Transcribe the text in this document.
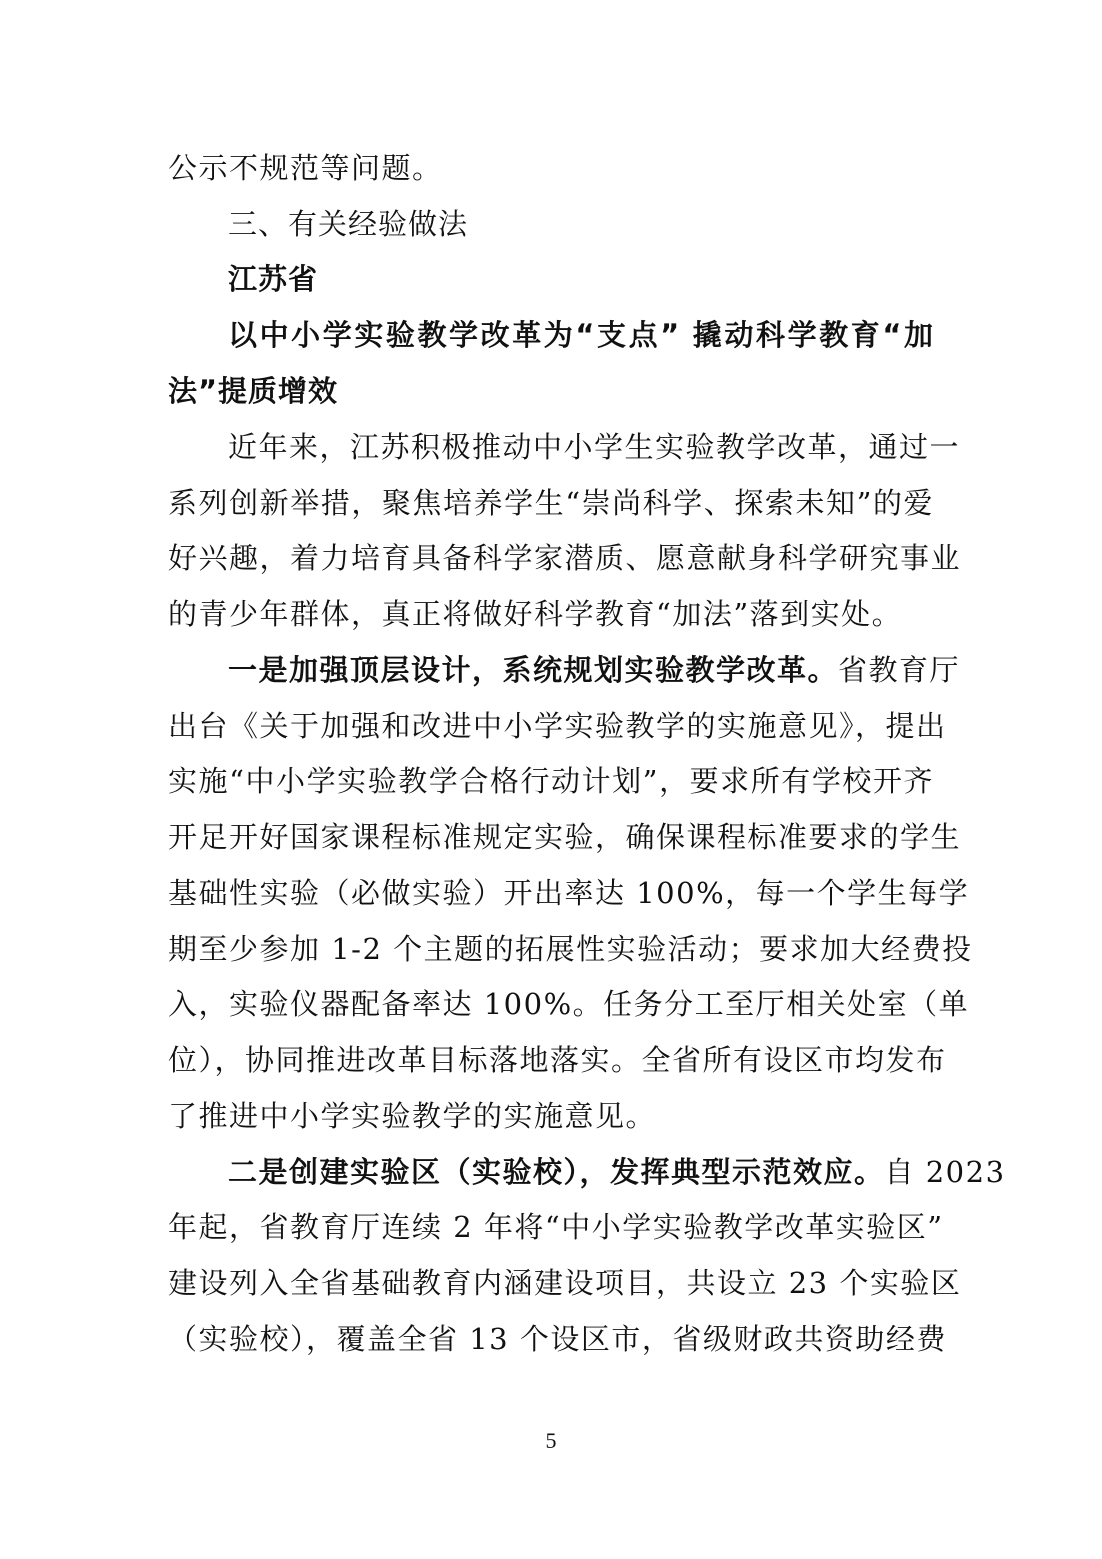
公示不规范等问题。
三、有关经验做法
江苏省
以中小学实验教学改革为“支点” 撬动科学教育“加
法”提质增效
近年来，江苏积极推动中小学生实验教学改革，通过一
系列创新举措，聚焦培养学生“崇尚科学、探索未知”的爱
好兴趣，着力培育具备科学家潜质、愿意献身科学研究事业
的青少年群体，真正将做好科学教育“加法”落到实处。
一是加强顶层设计，系统规划实验教学改革。省教育厅
出台《关于加强和改进中小学实验教学的实施意见》，提出
实施“中小学实验教学合格行动计划”，要求所有学校开齐
开足开好国家课程标准规定实验，确保课程标准要求的学生
基础性实验（必做实验）开出率达 100%，每一个学生每学
期至少参加 1-2 个主题的拓展性实验活动；要求加大经费投
入，实验仪器配备率达 100%。任务分工至厅相关处室（单
位），协同推进改革目标落地落实。全省所有设区市均发布
了推进中小学实验教学的实施意见。
二是创建实验区（实验校），发挥典型示范效应。自 2023
年起，省教育厅连续 2 年将“中小学实验教学改革实验区”
建设列入全省基础教育内涵建设项目，共设立 23 个实验区
（实验校），覆盖全省 13 个设区市，省级财政共资助经费
5
